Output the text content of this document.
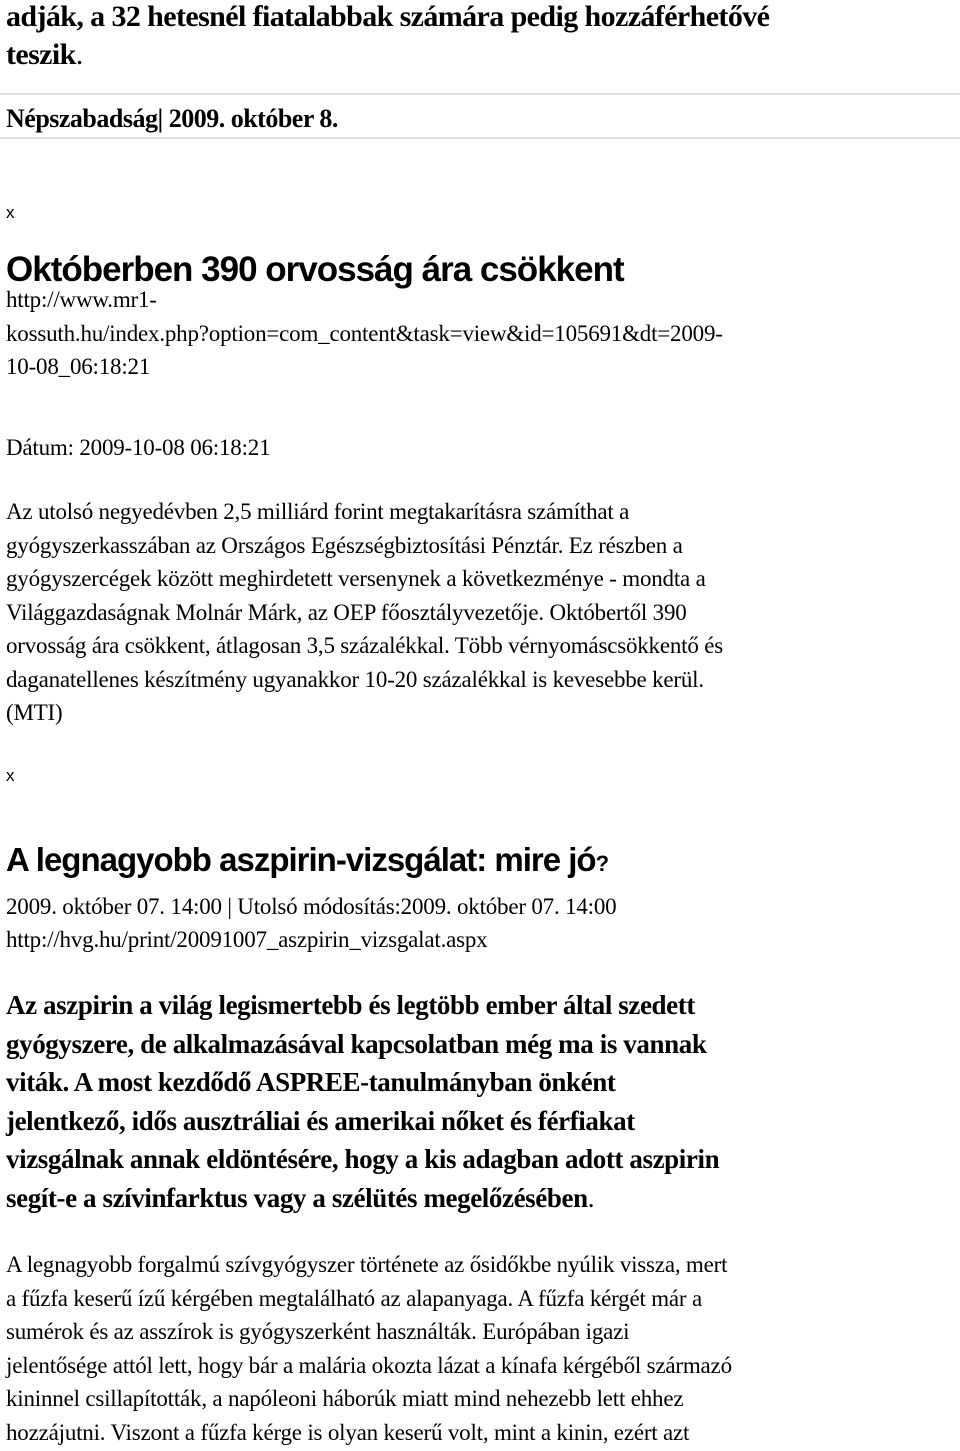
adják, a 32 hetesnél fiatalabbak számára pedig hozzáférhetővé
teszik.

Népszabadság| 2009. október 8.

x

Októberben 390 orvosság ára csökkent

http://www.mr1-
kossuth.hu/index.php?option=com_content&task=view&id=105691&dt=2009-
10-08_06:18:21

Dátum: 2009-10-08 06:18:21

Az utolsó negyedévben 2,5 milliárd forint megtakarításra számíthat a
gyógyszerkasszában az Országos Egészségbiztosítási Pénztár. Ez részben a
gyógyszercégek között meghirdetett versenynek a következménye - mondta a
Világgazdaságnak Molnár Márk, az OEP főosztályvezetője. Októbertől 390
orvosság ára csökkent, átlagosan 3,5 százalékkal. Több vérnyomáscsökkentő és
daganatellenes készítmény ugyanakkor 10-20 százalékkal is kevesebbe kerül.
(MTI)

x

A legnagyobb aszpirin-vizsgálat: mire jó?

2009. október 07. 14:00 | Utolsó módosítás:2009. október 07. 14:00

http://hvg.hu/print/20091007_aszpirin_vizsgalat.aspx

Az aszpirin a világ legismertebb és legtöbb ember által szedett
gyógyszere, de alkalmazásával kapcsolatban még ma is vannak
viták. A most kezdődő ASPREE-tanulmányban önként
jelentkező, idős ausztráliai és amerikai nőket és férfiakat
vizsgálnak annak eldöntésére, hogy a kis adagban adott aszpirin
segít-e a szívinfarktus vagy a szélütés megelőzésében.

A legnagyobb forgalmú szívgyógyszer története az ősidőkbe nyúlik vissza, mert
a fűzfa keserű ízű kérgében megtalálható az alapanyaga. A fűzfa kérgét már a
sumérok és az asszírok is gyógyszerként használták. Európában igazi
jelentősége attól lett, hogy bár a malária okozta lázat a kínafa kérgéből származó
kininnel csillapították, a napóleoni háborúk miatt mind nehezebb lett ehhez
hozzájutni. Viszont a fűzfa kérge is olyan keserű volt, mint a kinin, ezért azt
